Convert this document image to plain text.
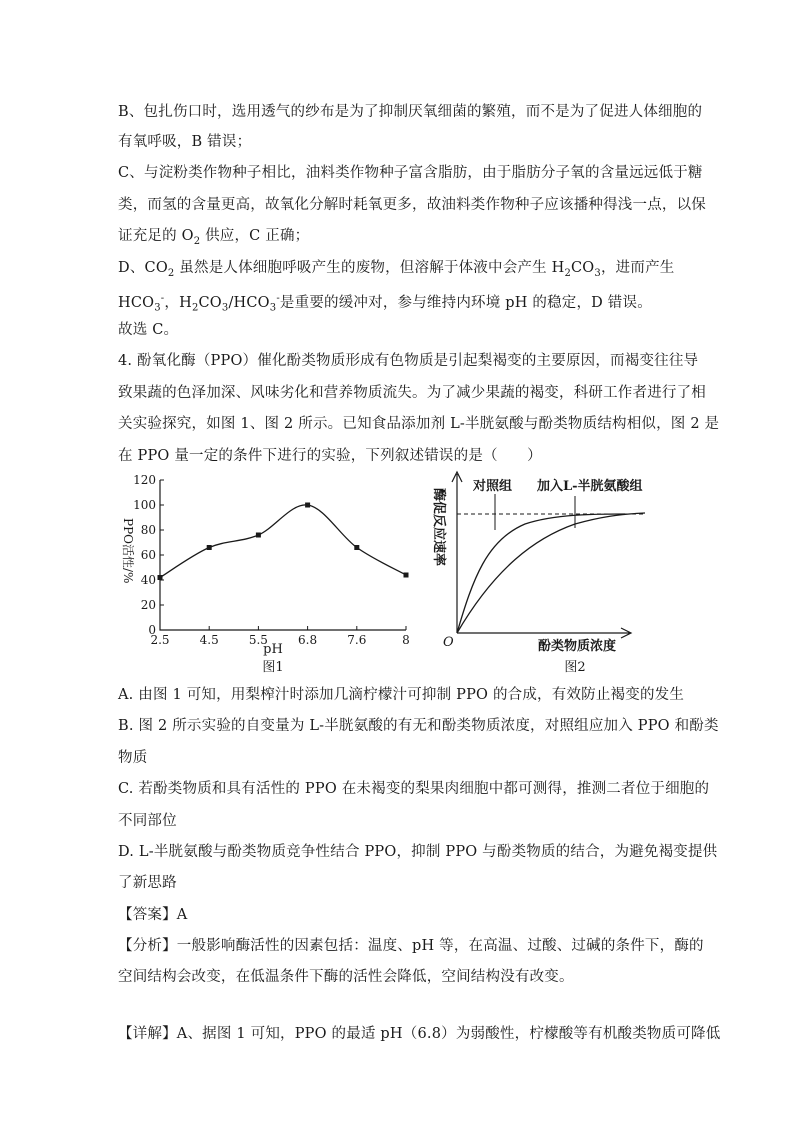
B、包扎伤口时，选用透气的纱布是为了抑制厌氧细菌的繁殖，而不是为了促进人体细胞的
有氧呼吸，B 错误；
C、与淀粉类作物种子相比，油料类作物种子富含脂肪，由于脂肪分子氧的含量远远低于糖
类，而氢的含量更高，故氧化分解时耗氧更多，故油料类作物种子应该播种得浅一点，以保
证充足的 $O_2$ 供应，C 正确；
D、$CO_2$ 虽然是人体细胞呼吸产生的废物，但溶解于体液中会产生 $H_2CO_3$，进而产生
$HCO_3^-$，$H_2CO_3/HCO_3^-$是重要的缓冲对，参与维持内环境 pH 的稳定，D 错误。
故选 C。
4. 酚氧化酶（PPO）催化酚类物质形成有色物质是引起梨褐变的主要原因，而褐变往往导
致果蔬的色泽加深、风味劣化和营养物质流失。为了减少果蔬的褐变，科研工作者进行了相
关实验探究，如图 1、图 2 所示。已知食品添加剂 L-半胱氨酸与酚类物质结构相似，图 2 是
在 PPO 量一定的条件下进行的实验，下列叙述错误的是（　　）
0
20
40
60
80
100
120
2.5	4.5	5.5	6.8	7.6	8
PPO活性/%
pH
图1
O
酶促反应速率
酚类物质浓度
图2
对照组 加入L-半胱氨酸组
A. 由图 1 可知，用梨榨汁时添加几滴柠檬汁可抑制 PPO 的合成，有效防止褐变的发生
B. 图 2 所示实验的自变量为 L-半胱氨酸的有无和酚类物质浓度，对照组应加入 PPO 和酚类
物质
C. 若酚类物质和具有活性的 PPO 在未褐变的梨果肉细胞中都可测得，推测二者位于细胞的
不同部位
D. L-半胱氨酸与酚类物质竞争性结合 PPO，抑制 PPO 与酚类物质的结合，为避免褐变提供
了新思路
【答案】A
【分析】一般影响酶活性的因素包括：温度、pH 等，在高温、过酸、过碱的条件下，酶的
空间结构会改变，在低温条件下酶的活性会降低，空间结构没有改变。
【详解】A、据图 1 可知，PPO 的最适 pH（6.8）为弱酸性，柠檬酸等有机酸类物质可降低
